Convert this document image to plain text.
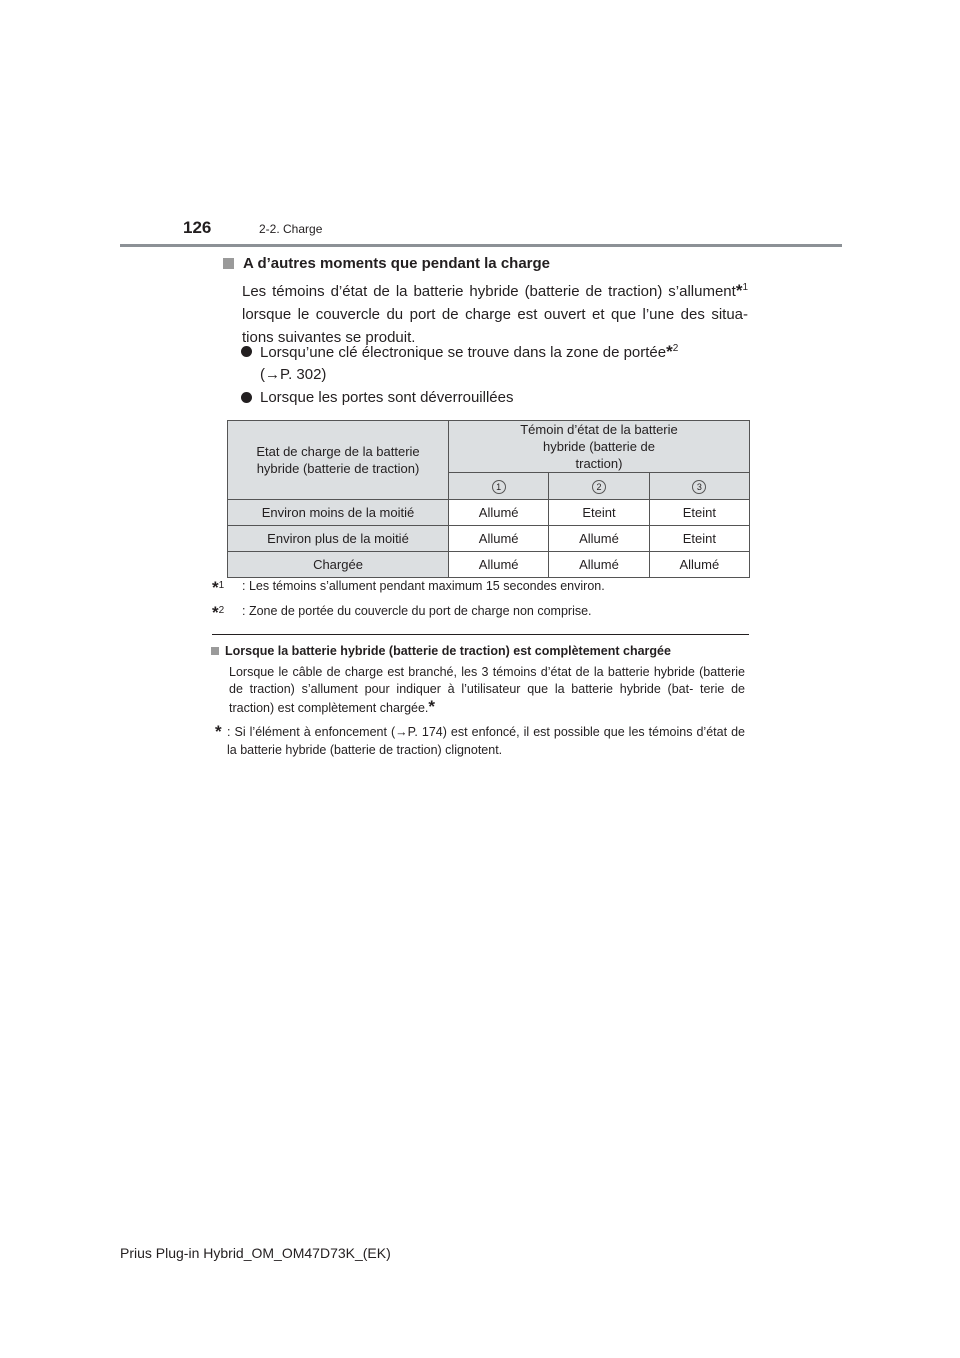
126	2-2. Charge
A d’autres moments que pendant la charge
Les témoins d’état de la batterie hybride (batterie de traction) s’allument*$^1$ lorsque le couvercle du port de charge est ouvert et que l’une des situa- tions suivantes se produit.
Lorsqu’une clé électronique se trouve dans la zone de portée*$^2$
(→P. 302)
Lorsque les portes sont déverrouillées
Etat de charge de la batterie hybride (batterie de traction)	Témoin d’état de la batterie hybride (batterie de traction)		
	1	2	3
Environ moins de la moitié	Allumé	Eteint	Eteint
Environ plus de la moitié	Allumé	Allumé	Eteint
Chargée	Allumé	Allumé	Allumé
*$^1$	: Les témoins s’allument pendant maximum 15 secondes environ.
*$^2$	: Zone de portée du couvercle du port de charge non comprise.
Lorsque la batterie hybride (batterie de traction) est complètement chargée
Lorsque le câble de charge est branché, les 3 témoins d’état de la batterie hybride (batterie de traction) s’allument pour indiquer à l’utilisateur que la batterie hybride (bat- terie de traction) est complètement chargée.*
* : Si l’élément à enfoncement (→P. 174) est enfoncé, il est possible que les témoins d’état de la batterie hybride (batterie de traction) clignotent.
Prius Plug-in Hybrid_OM_OM47D73K_(EK)
